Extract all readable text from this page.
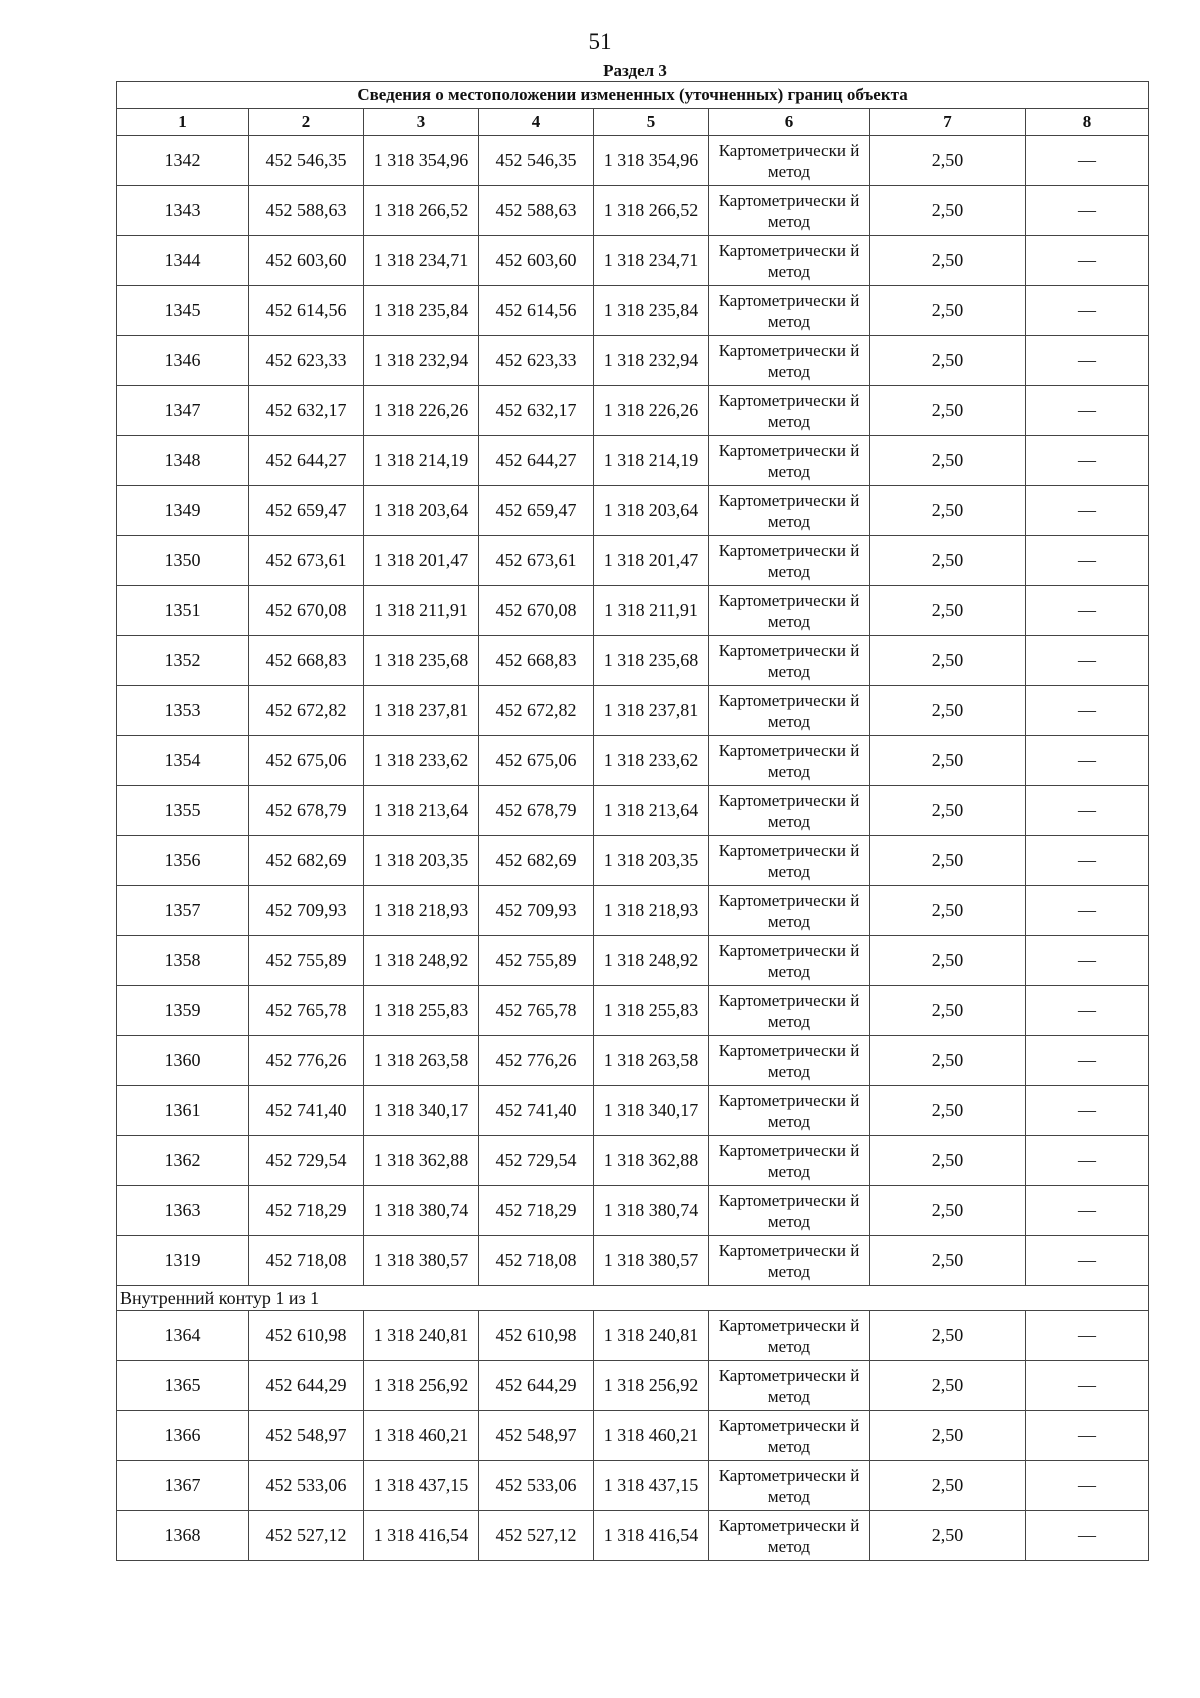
51
Раздел 3
Сведения о местоположении измененных (уточненных) границ объекта							
1	2	3	4	5	6	7	8
1342	452 546,35	1 318 354,96	452 546,35	1 318 354,96	Картометрически й метод	2,50	—
1343	452 588,63	1 318 266,52	452 588,63	1 318 266,52	Картометрически й метод	2,50	—
1344	452 603,60	1 318 234,71	452 603,60	1 318 234,71	Картометрически й метод	2,50	—
1345	452 614,56	1 318 235,84	452 614,56	1 318 235,84	Картометрически й метод	2,50	—
1346	452 623,33	1 318 232,94	452 623,33	1 318 232,94	Картометрически й метод	2,50	—
1347	452 632,17	1 318 226,26	452 632,17	1 318 226,26	Картометрически й метод	2,50	—
1348	452 644,27	1 318 214,19	452 644,27	1 318 214,19	Картометрически й метод	2,50	—
1349	452 659,47	1 318 203,64	452 659,47	1 318 203,64	Картометрически й метод	2,50	—
1350	452 673,61	1 318 201,47	452 673,61	1 318 201,47	Картометрически й метод	2,50	—
1351	452 670,08	1 318 211,91	452 670,08	1 318 211,91	Картометрически й метод	2,50	—
1352	452 668,83	1 318 235,68	452 668,83	1 318 235,68	Картометрически й метод	2,50	—
1353	452 672,82	1 318 237,81	452 672,82	1 318 237,81	Картометрически й метод	2,50	—
1354	452 675,06	1 318 233,62	452 675,06	1 318 233,62	Картометрически й метод	2,50	—
1355	452 678,79	1 318 213,64	452 678,79	1 318 213,64	Картометрически й метод	2,50	—
1356	452 682,69	1 318 203,35	452 682,69	1 318 203,35	Картометрически й метод	2,50	—
1357	452 709,93	1 318 218,93	452 709,93	1 318 218,93	Картометрически й метод	2,50	—
1358	452 755,89	1 318 248,92	452 755,89	1 318 248,92	Картометрически й метод	2,50	—
1359	452 765,78	1 318 255,83	452 765,78	1 318 255,83	Картометрически й метод	2,50	—
1360	452 776,26	1 318 263,58	452 776,26	1 318 263,58	Картометрически й метод	2,50	—
1361	452 741,40	1 318 340,17	452 741,40	1 318 340,17	Картометрически й метод	2,50	—
1362	452 729,54	1 318 362,88	452 729,54	1 318 362,88	Картометрически й метод	2,50	—
1363	452 718,29	1 318 380,74	452 718,29	1 318 380,74	Картометрически й метод	2,50	—
1319	452 718,08	1 318 380,57	452 718,08	1 318 380,57	Картометрически й метод	2,50	—
Внутренний контур 1 из 1							
1364	452 610,98	1 318 240,81	452 610,98	1 318 240,81	Картометрически й метод	2,50	—
1365	452 644,29	1 318 256,92	452 644,29	1 318 256,92	Картометрически й метод	2,50	—
1366	452 548,97	1 318 460,21	452 548,97	1 318 460,21	Картометрически й метод	2,50	—
1367	452 533,06	1 318 437,15	452 533,06	1 318 437,15	Картометрически й метод	2,50	—
1368	452 527,12	1 318 416,54	452 527,12	1 318 416,54	Картометрически й метод	2,50	—
